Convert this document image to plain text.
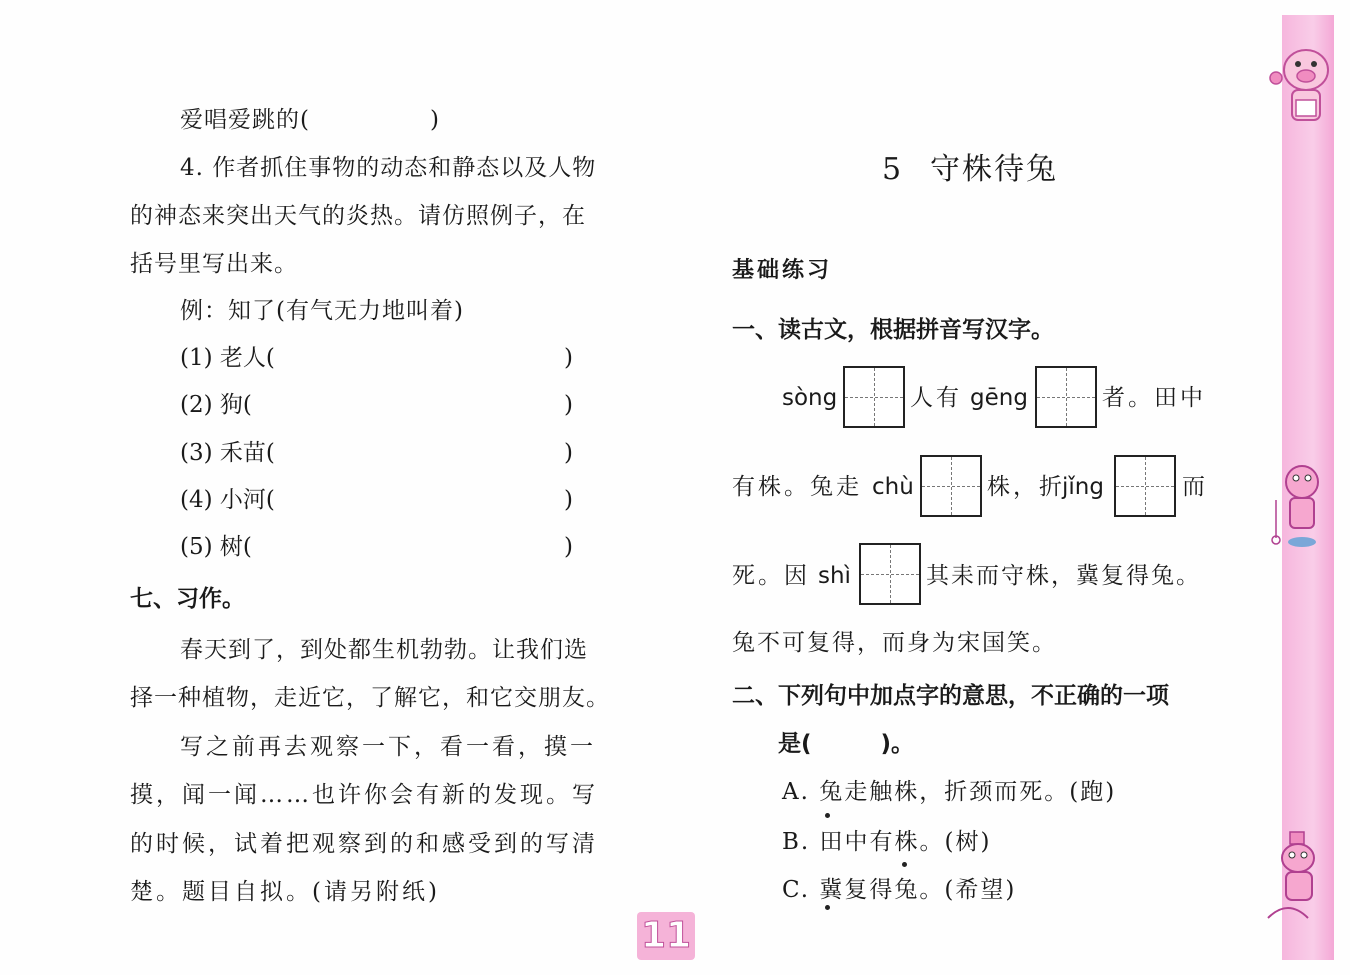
爱唱爱跳的(　　　　　)
4. 作者抓住事物的动态和静态以及人物
的神态来突出天气的炎热。请仿照例子，在
括号里写出来。
例：知了(有气无力地叫着)
(1) 老人(	)
(2) 狗(	)
(3) 禾苗(	)
(4) 小河(	)
(5) 树(	)
七、习作。
春天到了，到处都生机勃勃。让我们选
择一种植物，走近它，了解它，和它交朋友。
写之前再去观察一下，看一看，摸一
摸，闻一闻……也许你会有新的发现。写
的时候，试着把观察到的和感受到的写清
楚。题目自拟。(请另附纸)
5 守株待兔
基础练习
一、读古文，根据拼音写汉字。
sòng	人有 gēng	者。田中
有株。兔走 chù	株，折
jǐng	而
死。因 shì	其耒而守株，冀复得兔。
兔不可复得，而身为宋国笑。
二、下列句中加点字的意思，不正确的一项
是(　　　)。
A. 兔走触株，折颈而死。(跑)
B. 田中有株。(树)
C. 冀复得兔。(希望)
11
